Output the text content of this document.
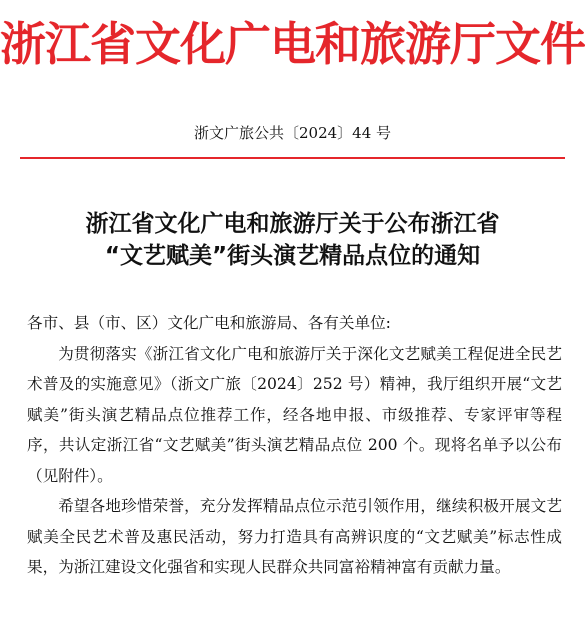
浙江省文化广电和旅游厅文件
浙文广旅公共〔2024〕44 号
浙江省文化广电和旅游厅关于公布浙江省
“文艺赋美”街头演艺精品点位的通知

各市、县（市、区）文化广电和旅游局、各有关单位:

为贯彻落实《浙江省文化广电和旅游厅关于深化文艺赋美工程促进全民艺术普及的实施意见》（浙文广旅〔2024〕252 号）精神，我厅组织开展“文艺赋美”街头演艺精品点位推荐工作，经各地申报、市级推荐、专家评审等程序，共认定浙江省“文艺赋美”街头演艺精品点位 200 个。现将名单予以公布（见附件）。

希望各地珍惜荣誉，充分发挥精品点位示范引领作用，继续积极开展文艺赋美全民艺术普及惠民活动，努力打造具有高辨识度的“文艺赋美”标志性成果，为浙江建设文化强省和实现人民群众共同富裕精神富有贡献力量。
